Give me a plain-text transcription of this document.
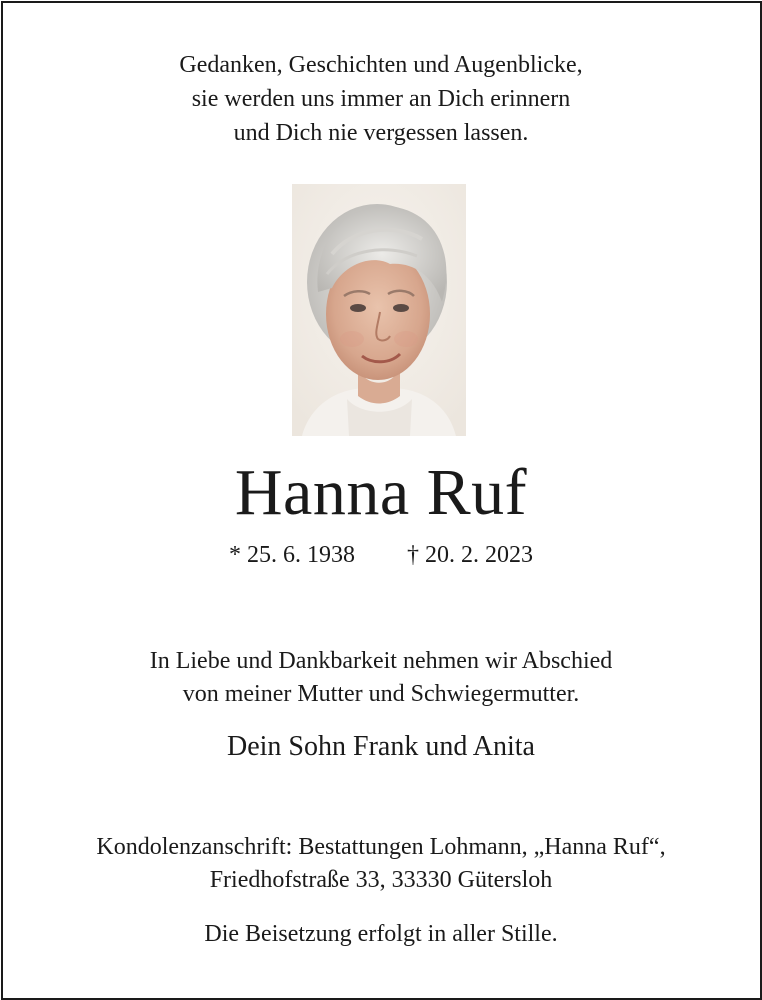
Gedanken, Geschichten und Augenblicke,
sie werden uns immer an Dich erinnern
und Dich nie vergessen lassen.
Hanna Ruf
* 25. 6. 1938 † 20. 2. 2023
In Liebe und Dankbarkeit nehmen wir Abschied
von meiner Mutter und Schwiegermutter.
Dein Sohn Frank und Anita
Kondolenzanschrift: Bestattungen Lohmann, „Hanna Ruf“,
Friedhofstraße 33, 33330 Gütersloh
Die Beisetzung erfolgt in aller Stille.
